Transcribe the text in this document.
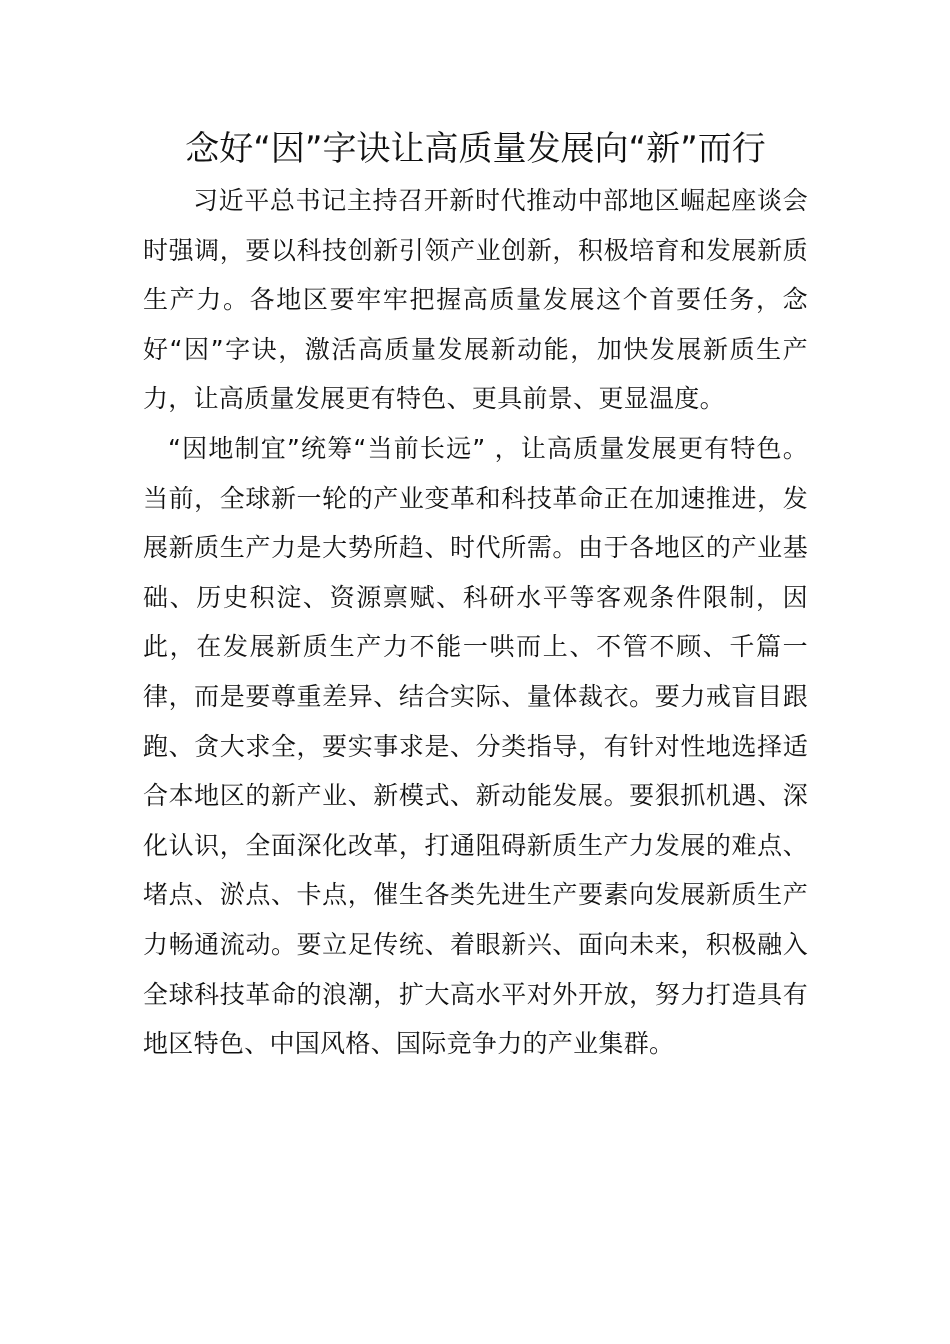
念好“因”字诀让高质量发展向“新”而行

习近平总书记主持召开新时代推动中部地区崛起座谈会时强调，要以科技创新引领产业创新，积极培育和发展新质生产力。各地区要牢牢把握高质量发展这个首要任务，念好“因”字诀，激活高质量发展新动能，加快发展新质生产力，让高质量发展更有特色、更具前景、更显温度。

“因地制宜”统筹“当前长远” ，让高质量发展更有特色。当前，全球新一轮的产业变革和科技革命正在加速推进，发展新质生产力是大势所趋、时代所需。由于各地区的产业基础、历史积淀、资源禀赋、科研水平等客观条件限制，因此，在发展新质生产力不能一哄而上、不管不顾、千篇一律，而是要尊重差异、结合实际、量体裁衣。要力戒盲目跟跑、贪大求全，要实事求是、分类指导，有针对性地选择适合本地区的新产业、新模式、新动能发展。要狠抓机遇、深化认识，全面深化改革，打通阻碍新质生产力发展的难点、堵点、淤点、卡点，催生各类先进生产要素向发展新质生产力畅通流动。要立足传统、着眼新兴、面向未来，积极融入全球科技革命的浪潮，扩大高水平对外开放，努力打造具有地区特色、中国风格、国际竞争力的产业集群。
